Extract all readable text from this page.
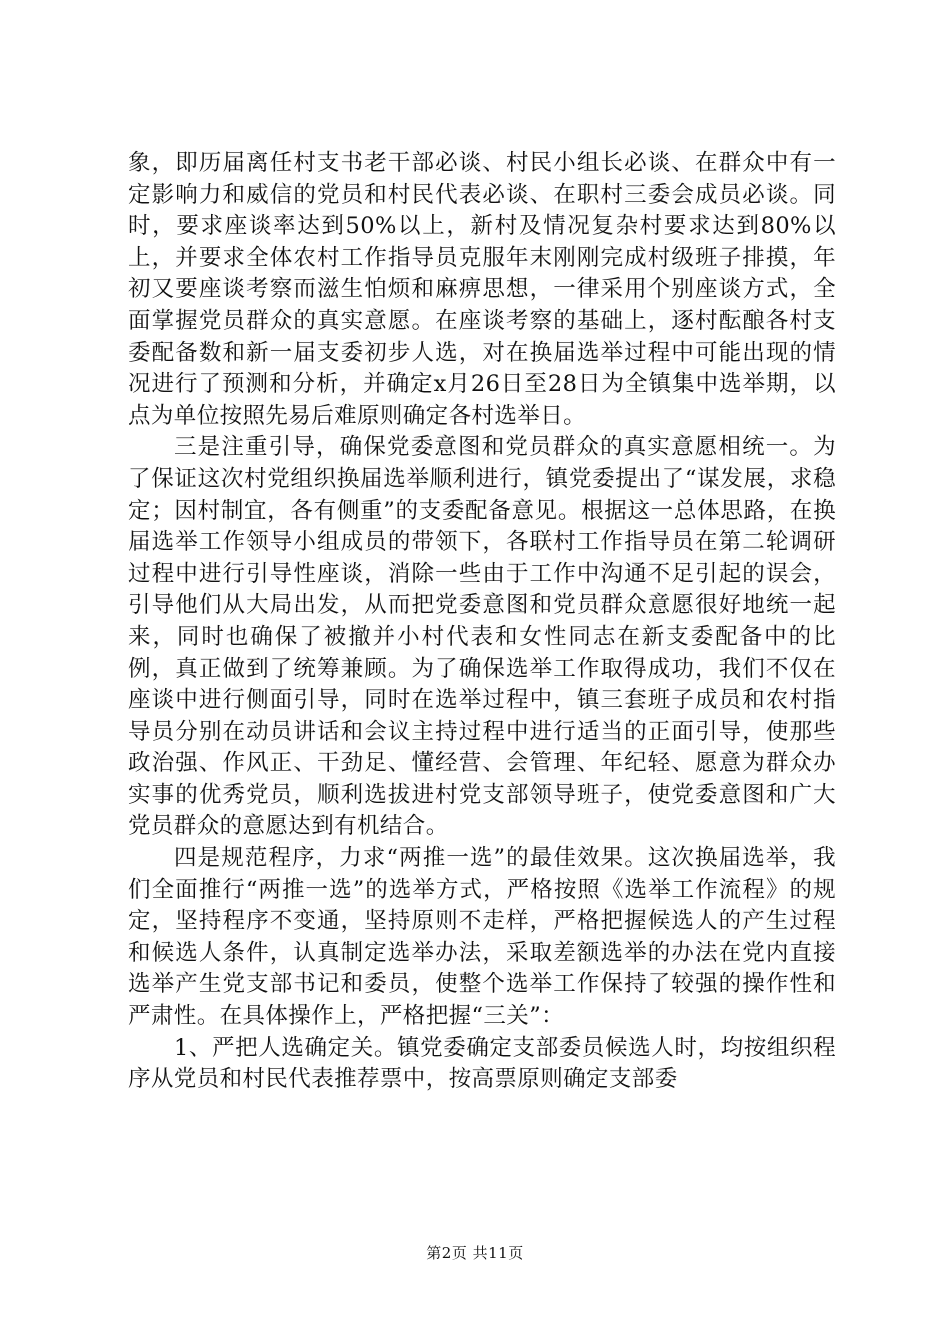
象，即历届离任村支书老干部必谈、村民小组长必谈、在群众中有一定影响力和威信的党员和村民代表必谈、在职村三委会成员必谈。同时，要求座谈率达到50%以上，新村及情况复杂村要求达到80%以上，并要求全体农村工作指导员克服年末刚刚完成村级班子排摸，年初又要座谈考察而滋生怕烦和麻痹思想，一律采用个别座谈方式，全面掌握党员群众的真实意愿。在座谈考察的基础上，逐村酝酿各村支委配备数和新一届支委初步人选，对在换届选举过程中可能出现的情况进行了预测和分析，并确定x月26日至28日为全镇集中选举期，以点为单位按照先易后难原则确定各村选举日。

三是注重引导，确保党委意图和党员群众的真实意愿相统一。为了保证这次村党组织换届选举顺利进行，镇党委提出了“谋发展，求稳定；因村制宜，各有侧重”的支委配备意见。根据这一总体思路，在换届选举工作领导小组成员的带领下，各联村工作指导员在第二轮调研过程中进行引导性座谈，消除一些由于工作中沟通不足引起的误会，引导他们从大局出发，从而把党委意图和党员群众意愿很好地统一起来，同时也确保了被撤并小村代表和女性同志在新支委配备中的比例，真正做到了统筹兼顾。为了确保选举工作取得成功，我们不仅在座谈中进行侧面引导，同时在选举过程中，镇三套班子成员和农村指导员分别在动员讲话和会议主持过程中进行适当的正面引导，使那些政治强、作风正、干劲足、懂经营、会管理、年纪轻、愿意为群众办实事的优秀党员，顺利选拔进村党支部领导班子，使党委意图和广大党员群众的意愿达到有机结合。

四是规范程序，力求“两推一选”的最佳效果。这次换届选举，我们全面推行“两推一选”的选举方式，严格按照《选举工作流程》的规定，坚持程序不变通，坚持原则不走样，严格把握候选人的产生过程和候选人条件，认真制定选举办法，采取差额选举的办法在党内直接选举产生党支部书记和委员，使整个选举工作保持了较强的操作性和严肃性。在具体操作上，严格把握“三关”：

1、严把人选确定关。镇党委确定支部委员候选人时，均按组织程序从党员和村民代表推荐票中，按高票原则确定支部委

第2页 共11页
